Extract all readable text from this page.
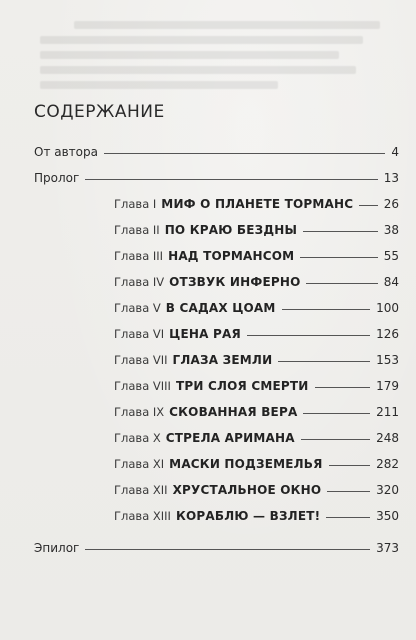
СОДЕРЖАНИЕ
От автора	4
Пролог	13
Глава I МИФ О ПЛАНЕТЕ ТОРМАНС	26
Глава II ПО КРАЮ БЕЗДНЫ	38
Глава III НАД ТОРМАНСОМ	55
Глава IV ОТЗВУК ИНФЕРНО	84
Глава V В САДАХ ЦОАМ	100
Глава VI ЦЕНА РАЯ	126
Глава VII ГЛАЗА ЗЕМЛИ	153
Глава VIII ТРИ СЛОЯ СМЕРТИ	179
Глава IX СКОВАННАЯ ВЕРА	211
Глава X СТРЕЛА АРИМАНА	248
Глава XI МАСКИ ПОДЗЕМЕЛЬЯ	282
Глава XII ХРУСТАЛЬНОЕ ОКНО	320
Глава XIII КОРАБЛЮ — ВЗЛЕТ!	350
Эпилог	373
